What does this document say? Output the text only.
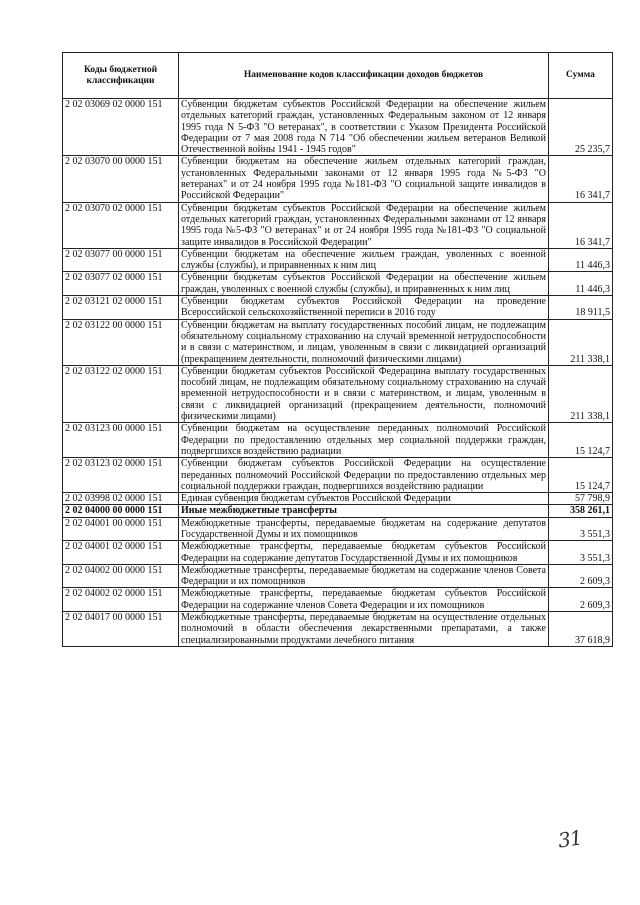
Коды бюджетной классификации	Наименование кодов классификации доходов бюджетов	Сумма
2 02 03069 02 0000 151	Субвенции бюджетам субъектов Российской Федерации на обеспечение жильем отдельных категорий граждан, установленных Федеральным законом от 12 января 1995 года N 5-ФЗ "О ветеранах", в соответствии с Указом Президента Российской Федерации от 7 мая 2008 года N 714 "Об обеспечении жильем ветеранов Великой Отечественной войны 1941 - 1945 годов"	25 235,7
2 02 03070 00 0000 151	Субвенции бюджетам на обеспечение жильем отдельных категорий граждан, установленных Федеральными законами от 12 января 1995 года №5-ФЗ "О ветеранах" и от 24 ноября 1995 года №181-ФЗ "О социальной защите инвалидов в Российской Федерации"	16 341,7
2 02 03070 02 0000 151	Субвенции бюджетам субъектов Российской Федерации на обеспечение жильем отдельных категорий граждан, установленных Федеральными законами от 12 января 1995 года №5-ФЗ "О ветеранах" и от 24 ноября 1995 года №181-ФЗ "О социальной защите инвалидов в Российской Федерации"	16 341,7
2 02 03077 00 0000 151	Субвенции бюджетам на обеспечение жильем граждан, уволенных с военной службы (службы), и приравненных к ним лиц	11 446,3
2 02 03077 02 0000 151	Субвенции бюджетам субъектов Российской Федерации на обеспечение жильем граждан, уволенных с военной службы (службы), и приравненных к ним лиц	11 446,3
2 02 03121 02 0000 151	Субвенции бюджетам субъектов Российской Федерации на проведение Всероссийской сельскохозяйственной переписи в 2016 году	18 911,5
2 02 03122 00 0000 151	Субвенции бюджетам на выплату государственных пособий лицам, не подлежащим обязательному социальному страхованию на случай временной нетрудоспособности и в связи с материнством, и лицам, уволенным в связи с ликвидацией организаций (прекращением деятельности, полномочий физическими лицами)	211 338,1
2 02 03122 02 0000 151	Субвенции бюджетам субъектов Российской Федерацина выплату государственных пособий лицам, не подлежащим обязательному социальному страхованию на случай временной нетрудоспособности и в связи с материнством, и лицам, уволенным в связи с ликвидацией организаций (прекращением деятельности, полномочий физическими лицами)	211 338,1
2 02 03123 00 0000 151	Субвенции бюджетам на осуществление переданных полномочий Российской Федерации по предоставлению отдельных мер социальной поддержки граждан, подвергшихся воздействию радиации	15 124,7
2 02 03123 02 0000 151	Субвенции бюджетам субъектов Российской Федерации на осуществление переданных полномочий Российской Федерации по предоставлению отдельных мер социальной поддержки граждан, подвергшихся воздействию радиации	15 124,7
2 02 03998 02 0000 151	Единая субвенция бюджетам субъектов Российской Федерации	57 798,9
2 02 04000 00 0000 151	Иные межбюджетные трансферты	358 261,1
2 02 04001 00 0000 151	Межбюджетные трансферты, передаваемые бюджетам на содержание депутатов Государственной Думы и их помощников	3 551,3
2 02 04001 02 0000 151	Межбюджетные трансферты, передаваемые бюджетам субъектов Российской Федерации на содержание депутатов Государственной Думы и их помощников	3 551,3
2 02 04002 00 0000 151	Межбюджетные трансферты, передаваемые бюджетам на содержание членов Совета Федерации и их помощников	2 609,3
2 02 04002 02 0000 151	Межбюджетные трансферты, передаваемые бюджетам субъектов Российской Федерации на содержание членов Совета Федерации и их помощников	2 609,3
2 02 04017 00 0000 151	Межбюджетные трансферты, передаваемые бюджетам на осуществление отдельных полномочий в области обеспечения лекарственными препаратами, а также специализированными продуктами лечебного питания	37 618,9
31
